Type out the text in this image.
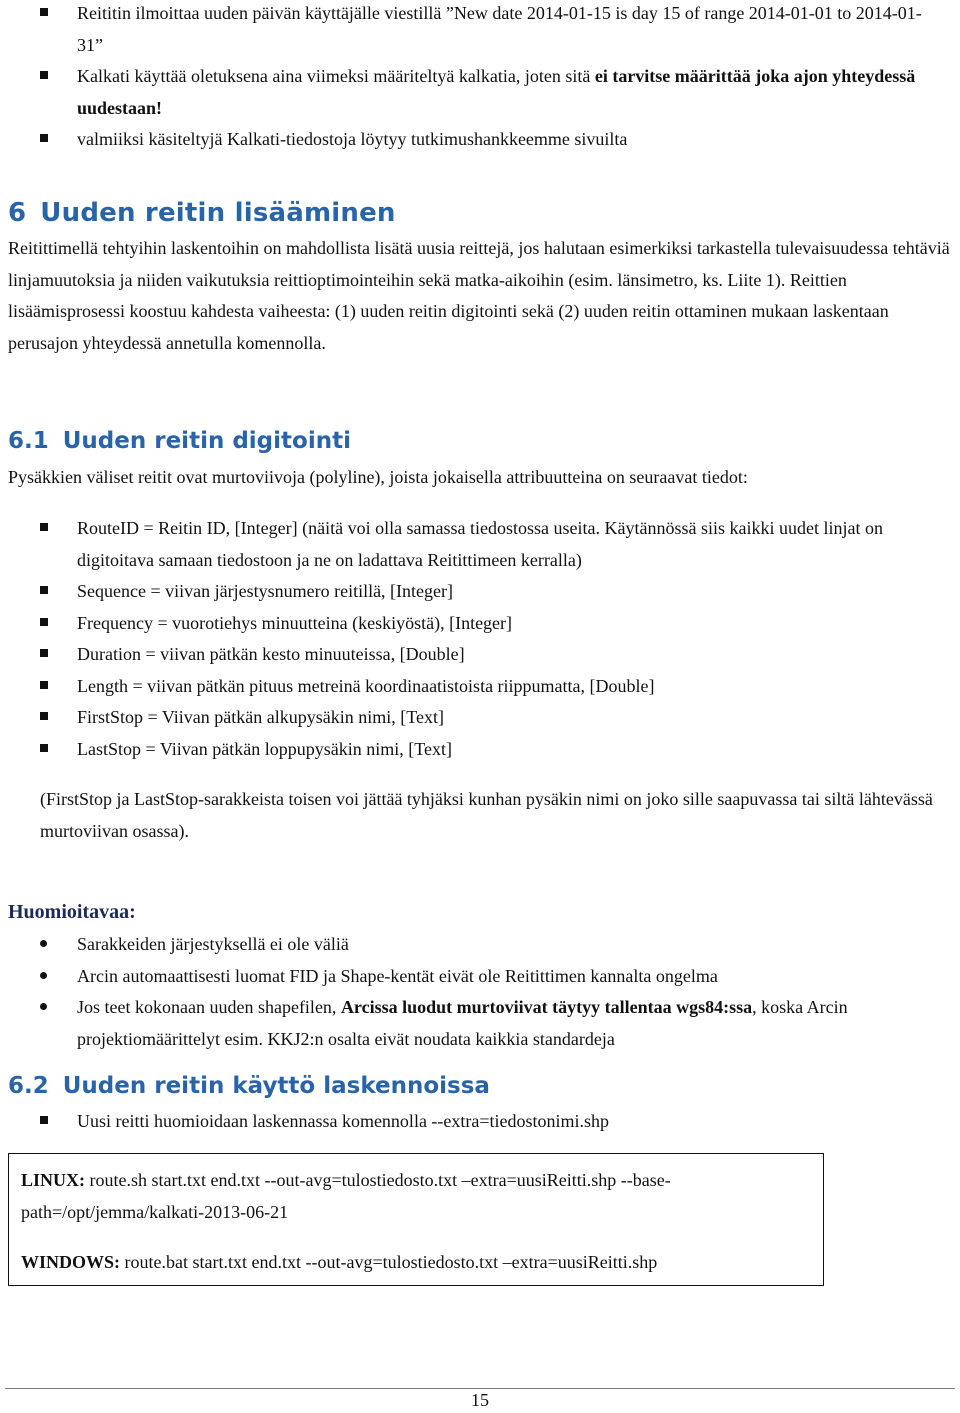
Reititin ilmoittaa uuden päivän käyttäjälle viestillä ”New date 2014-01-15 is day 15 of range 2014-01-01 to 2014-01-31”
Kalkati käyttää oletuksena aina viimeksi määriteltyä kalkatia, joten sitä ei tarvitse määrittää joka ajon yhteydessä uudestaan!
valmiiksi käsiteltyjä Kalkati-tiedostoja löytyy tutkimushankkeemme sivuilta
6 Uuden reitin lisääminen

Reitittimellä tehtyihin laskentoihin on mahdollista lisätä uusia reittejä, jos halutaan esimerkiksi tarkastella tulevaisuudessa tehtäviä linjamuutoksia ja niiden vaikutuksia reittioptimointeihin sekä matka-aikoihin (esim. länsimetro, ks. Liite 1). Reittien lisäämisprosessi koostuu kahdesta vaiheesta: (1) uuden reitin digitointi sekä (2) uuden reitin ottaminen mukaan laskentaan perusajon yhteydessä annetulla komennolla.

6.1 Uuden reitin digitointi

Pysäkkien väliset reitit ovat murtoviivoja (polyline), joista jokaisella attribuutteina on seuraavat tiedot:

RouteID = Reitin ID, [Integer] (näitä voi olla samassa tiedostossa useita. Käytännössä siis kaikki uudet linjat on digitoitava samaan tiedostoon ja ne on ladattava Reitittimeen kerralla)
Sequence = viivan järjestysnumero reitillä, [Integer]
Frequency = vuorotiehys minuutteina (keskiyöstä), [Integer]
Duration = viivan pätkän kesto minuuteissa, [Double]
Length = viivan pätkän pituus metreinä koordinaatistoista riippumatta, [Double]
FirstStop = Viivan pätkän alkupysäkin nimi, [Text]
LastStop = Viivan pätkän loppupysäkin nimi, [Text]

(FirstStop ja LastStop-sarakkeista toisen voi jättää tyhjäksi kunhan pysäkin nimi on joko sille saapuvassa tai siltä lähtevässä murtoviivan osassa).

Huomioitavaa:
Sarakkeiden järjestyksellä ei ole väliä
Arcin automaattisesti luomat FID ja Shape-kentät eivät ole Reitittimen kannalta ongelma
Jos teet kokonaan uuden shapefilen, Arcissa luodut murtoviivat täytyy tallentaa wgs84:ssa, koska Arcin projektiomäärittelyt esim. KKJ2:n osalta eivät noudata kaikkia standardeja
6.2 Uuden reitin käyttö laskennoissa
Uusi reitti huomioidaan laskennassa komennolla --extra=tiedostonimi.shp
LINUX: route.sh start.txt end.txt --out-avg=tulostiedosto.txt –extra=uusiReitti.shp --base-
path=/opt/jemma/kalkati-2013-06-21
WINDOWS: route.bat start.txt end.txt --out-avg=tulostiedosto.txt –extra=uusiReitti.shp
15
